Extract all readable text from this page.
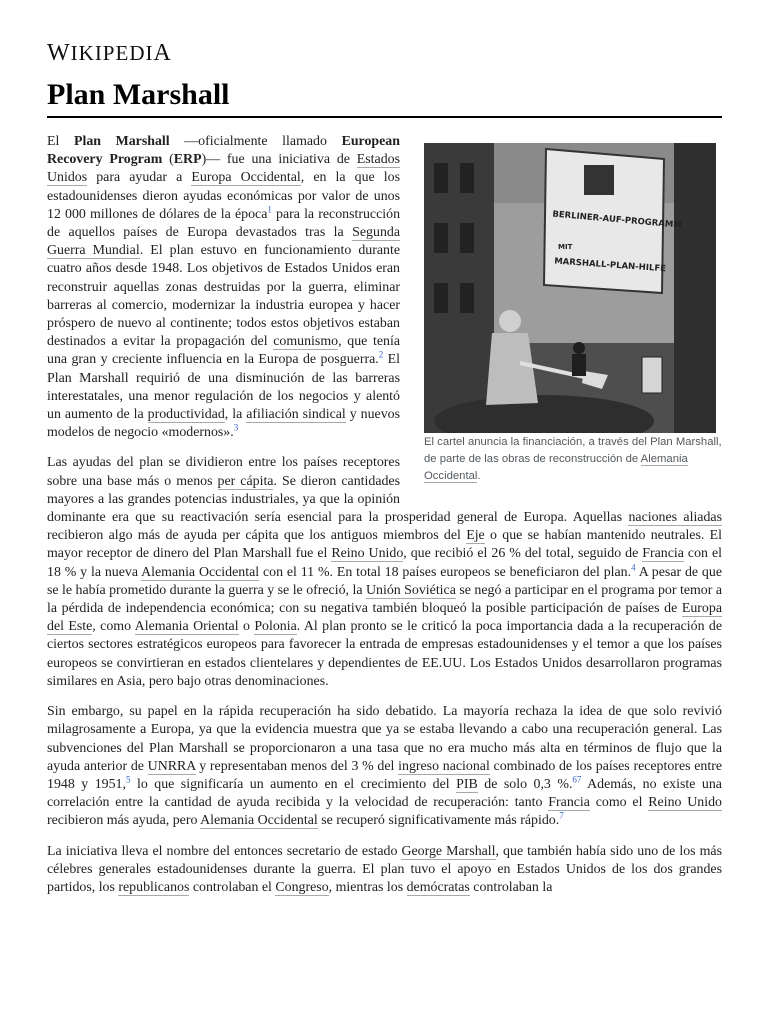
WIKIPEDIA
Plan Marshall
BERLINER-AUF-PROGRAMM
MIT
MARSHALL-PLAN-HILFE
El cartel anuncia la financiación, a través del Plan Marshall, de parte de las obras de reconstrucción de Alemania Occidental.

El Plan Marshall —oficialmente llamado European Recovery Program (ERP)— fue una iniciativa de Estados Unidos para ayudar a Europa Occidental, en la que los estadounidenses dieron ayudas económicas por valor de unos 12 000 millones de dólares de la época$^1$ para la reconstrucción de aquellos países de Europa devastados tras la Segunda Guerra Mundial. El plan estuvo en funcionamiento durante cuatro años desde 1948. Los objetivos de Estados Unidos eran reconstruir aquellas zonas destruidas por la guerra, eliminar barreras al comercio, modernizar la industria europea y hacer próspero de nuevo al continente; todos estos objetivos estaban destinados a evitar la propagación del comunismo, que tenía una gran y creciente influencia en la Europa de posguerra.$^2$ El Plan Marshall requirió de una disminución de las barreras interestatales, una menor regulación de los negocios y alentó un aumento de la productividad, la afiliación sindical y nuevos modelos de negocio «modernos».$^3$

Las ayudas del plan se dividieron entre los países receptores sobre una base más o menos per cápita. Se dieron cantidades mayores a las grandes potencias industriales, ya que la opinión dominante era que su reactivación sería esencial para la prosperidad general de Europa. Aquellas naciones aliadas recibieron algo más de ayuda per cápita que los antiguos miembros del Eje o que se habían mantenido neutrales. El mayor receptor de dinero del Plan Marshall fue el Reino Unido, que recibió el 26 % del total, seguido de Francia con el 18 % y la nueva Alemania Occidental con el 11 %. En total 18 países europeos se beneficiaron del plan.$^4$ A pesar de que se le había prometido durante la guerra y se le ofreció, la Unión Soviética se negó a participar en el programa por temor a la pérdida de independencia económica; con su negativa también bloqueó la posible participación de países de Europa del Este, como Alemania Oriental o Polonia. Al plan pronto se le criticó la poca importancia dada a la recuperación de ciertos sectores estratégicos europeos para favorecer la entrada de empresas estadounidenses y el temor a que los países europeos se convirtieran en estados clientelares y dependientes de EE.UU. Los Estados Unidos desarrollaron programas similares en Asia, pero bajo otras denominaciones.

Sin embargo, su papel en la rápida recuperación ha sido debatido. La mayoría rechaza la idea de que solo revivió milagrosamente a Europa, ya que la evidencia muestra que ya se estaba llevando a cabo una recuperación general. Las subvenciones del Plan Marshall se proporcionaron a una tasa que no era mucho más alta en términos de flujo que la ayuda anterior de UNRRA y representaban menos del 3 % del ingreso nacional combinado de los países receptores entre 1948 y 1951,$^5$ lo que significaría un aumento en el crecimiento del PIB de solo 0,3 %.$^{67}$ Además, no existe una correlación entre la cantidad de ayuda recibida y la velocidad de recuperación: tanto Francia como el Reino Unido recibieron más ayuda, pero Alemania Occidental se recuperó significativamente más rápido.$^7$

La iniciativa lleva el nombre del entonces secretario de estado George Marshall, que también había sido uno de los más célebres generales estadounidenses durante la guerra. El plan tuvo el apoyo en Estados Unidos de los dos grandes partidos, los republicanos controlaban el Congreso, mientras los demócratas controlaban la
